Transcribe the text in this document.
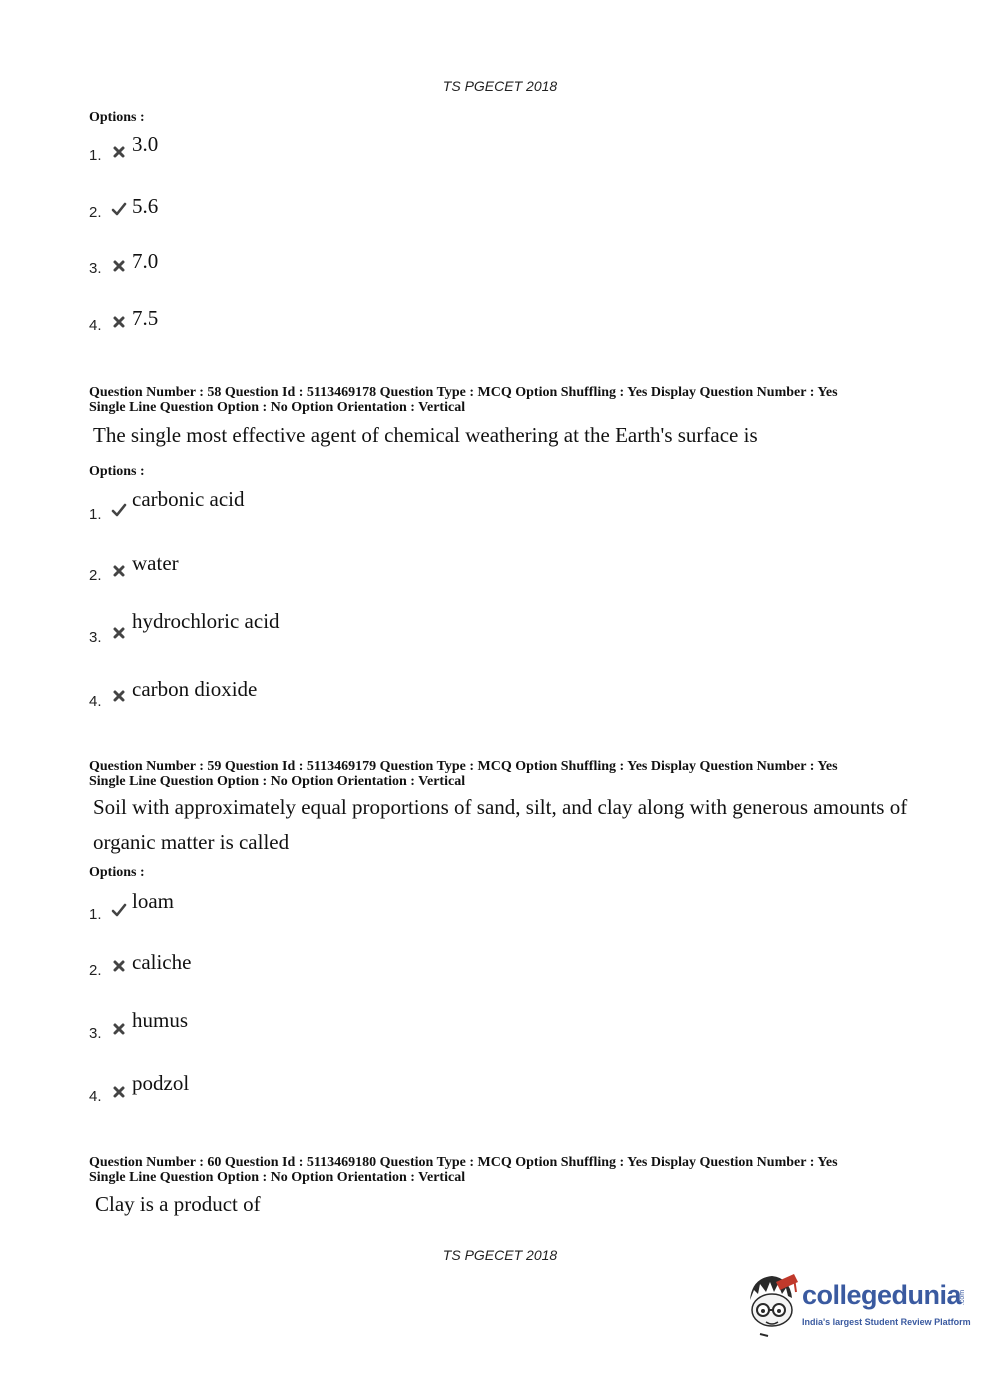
TS PGECET 2018
Options :
1. 3.0
2. 5.6
3. 7.0
4. 7.5
Question Number : 58 Question Id : 5113469178 Question Type : MCQ Option Shuffling : Yes Display Question Number : Yes
Single Line Question Option : No Option Orientation : Vertical
The single most effective agent of chemical weathering at the Earth's surface is
Options :
1.
carbonic acid
2.
water
3.
hydrochloric acid
4.
carbon dioxide
Question Number : 59 Question Id : 5113469179 Question Type : MCQ Option Shuffling : Yes Display Question Number : Yes
Single Line Question Option : No Option Orientation : Vertical
Soil with approximately equal proportions of sand, silt, and clay along with generous amounts of organic matter is called
Options :
1.
loam
2. caliche
3.
humus
4.
podzol
Question Number : 60 Question Id : 5113469180 Question Type : MCQ Option Shuffling : Yes Display Question Number : Yes
Single Line Question Option : No Option Orientation : Vertical
Clay is a product of
TS PGECET 2018
collegedunia
.com
India's largest Student Review Platform
